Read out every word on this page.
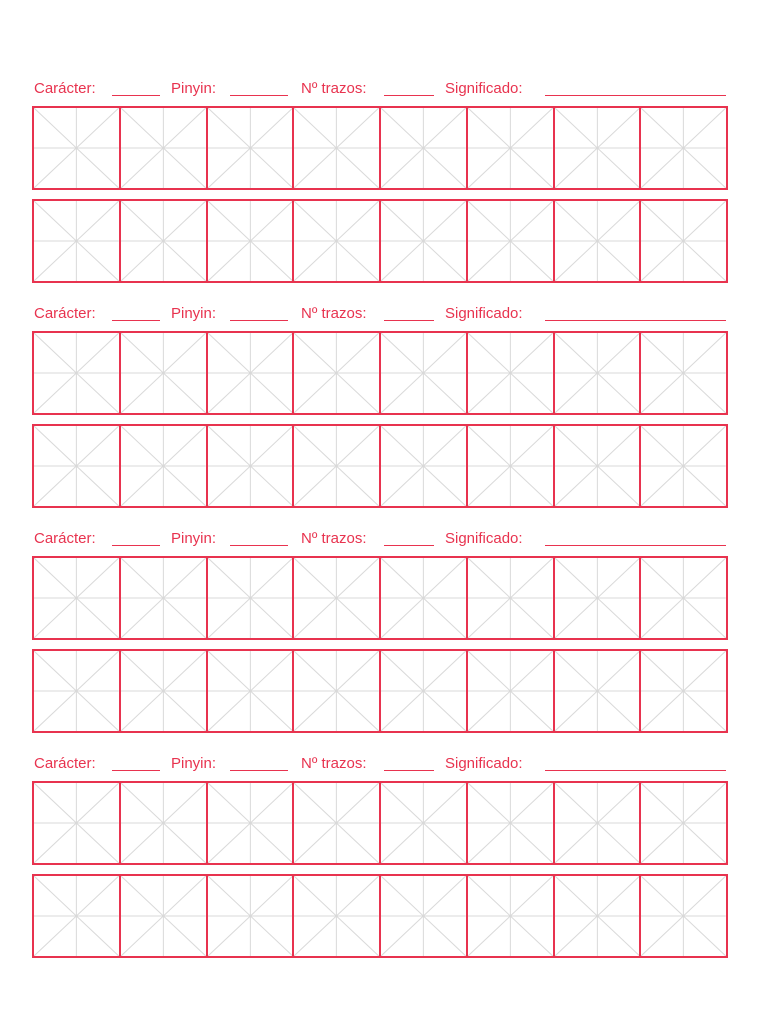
Carácter:	Pinyin:	Nº trazos:	Significado:
Carácter:	Pinyin:	Nº trazos:	Significado:
Carácter:	Pinyin:	Nº trazos:	Significado:
Carácter:	Pinyin:	Nº trazos:	Significado:
